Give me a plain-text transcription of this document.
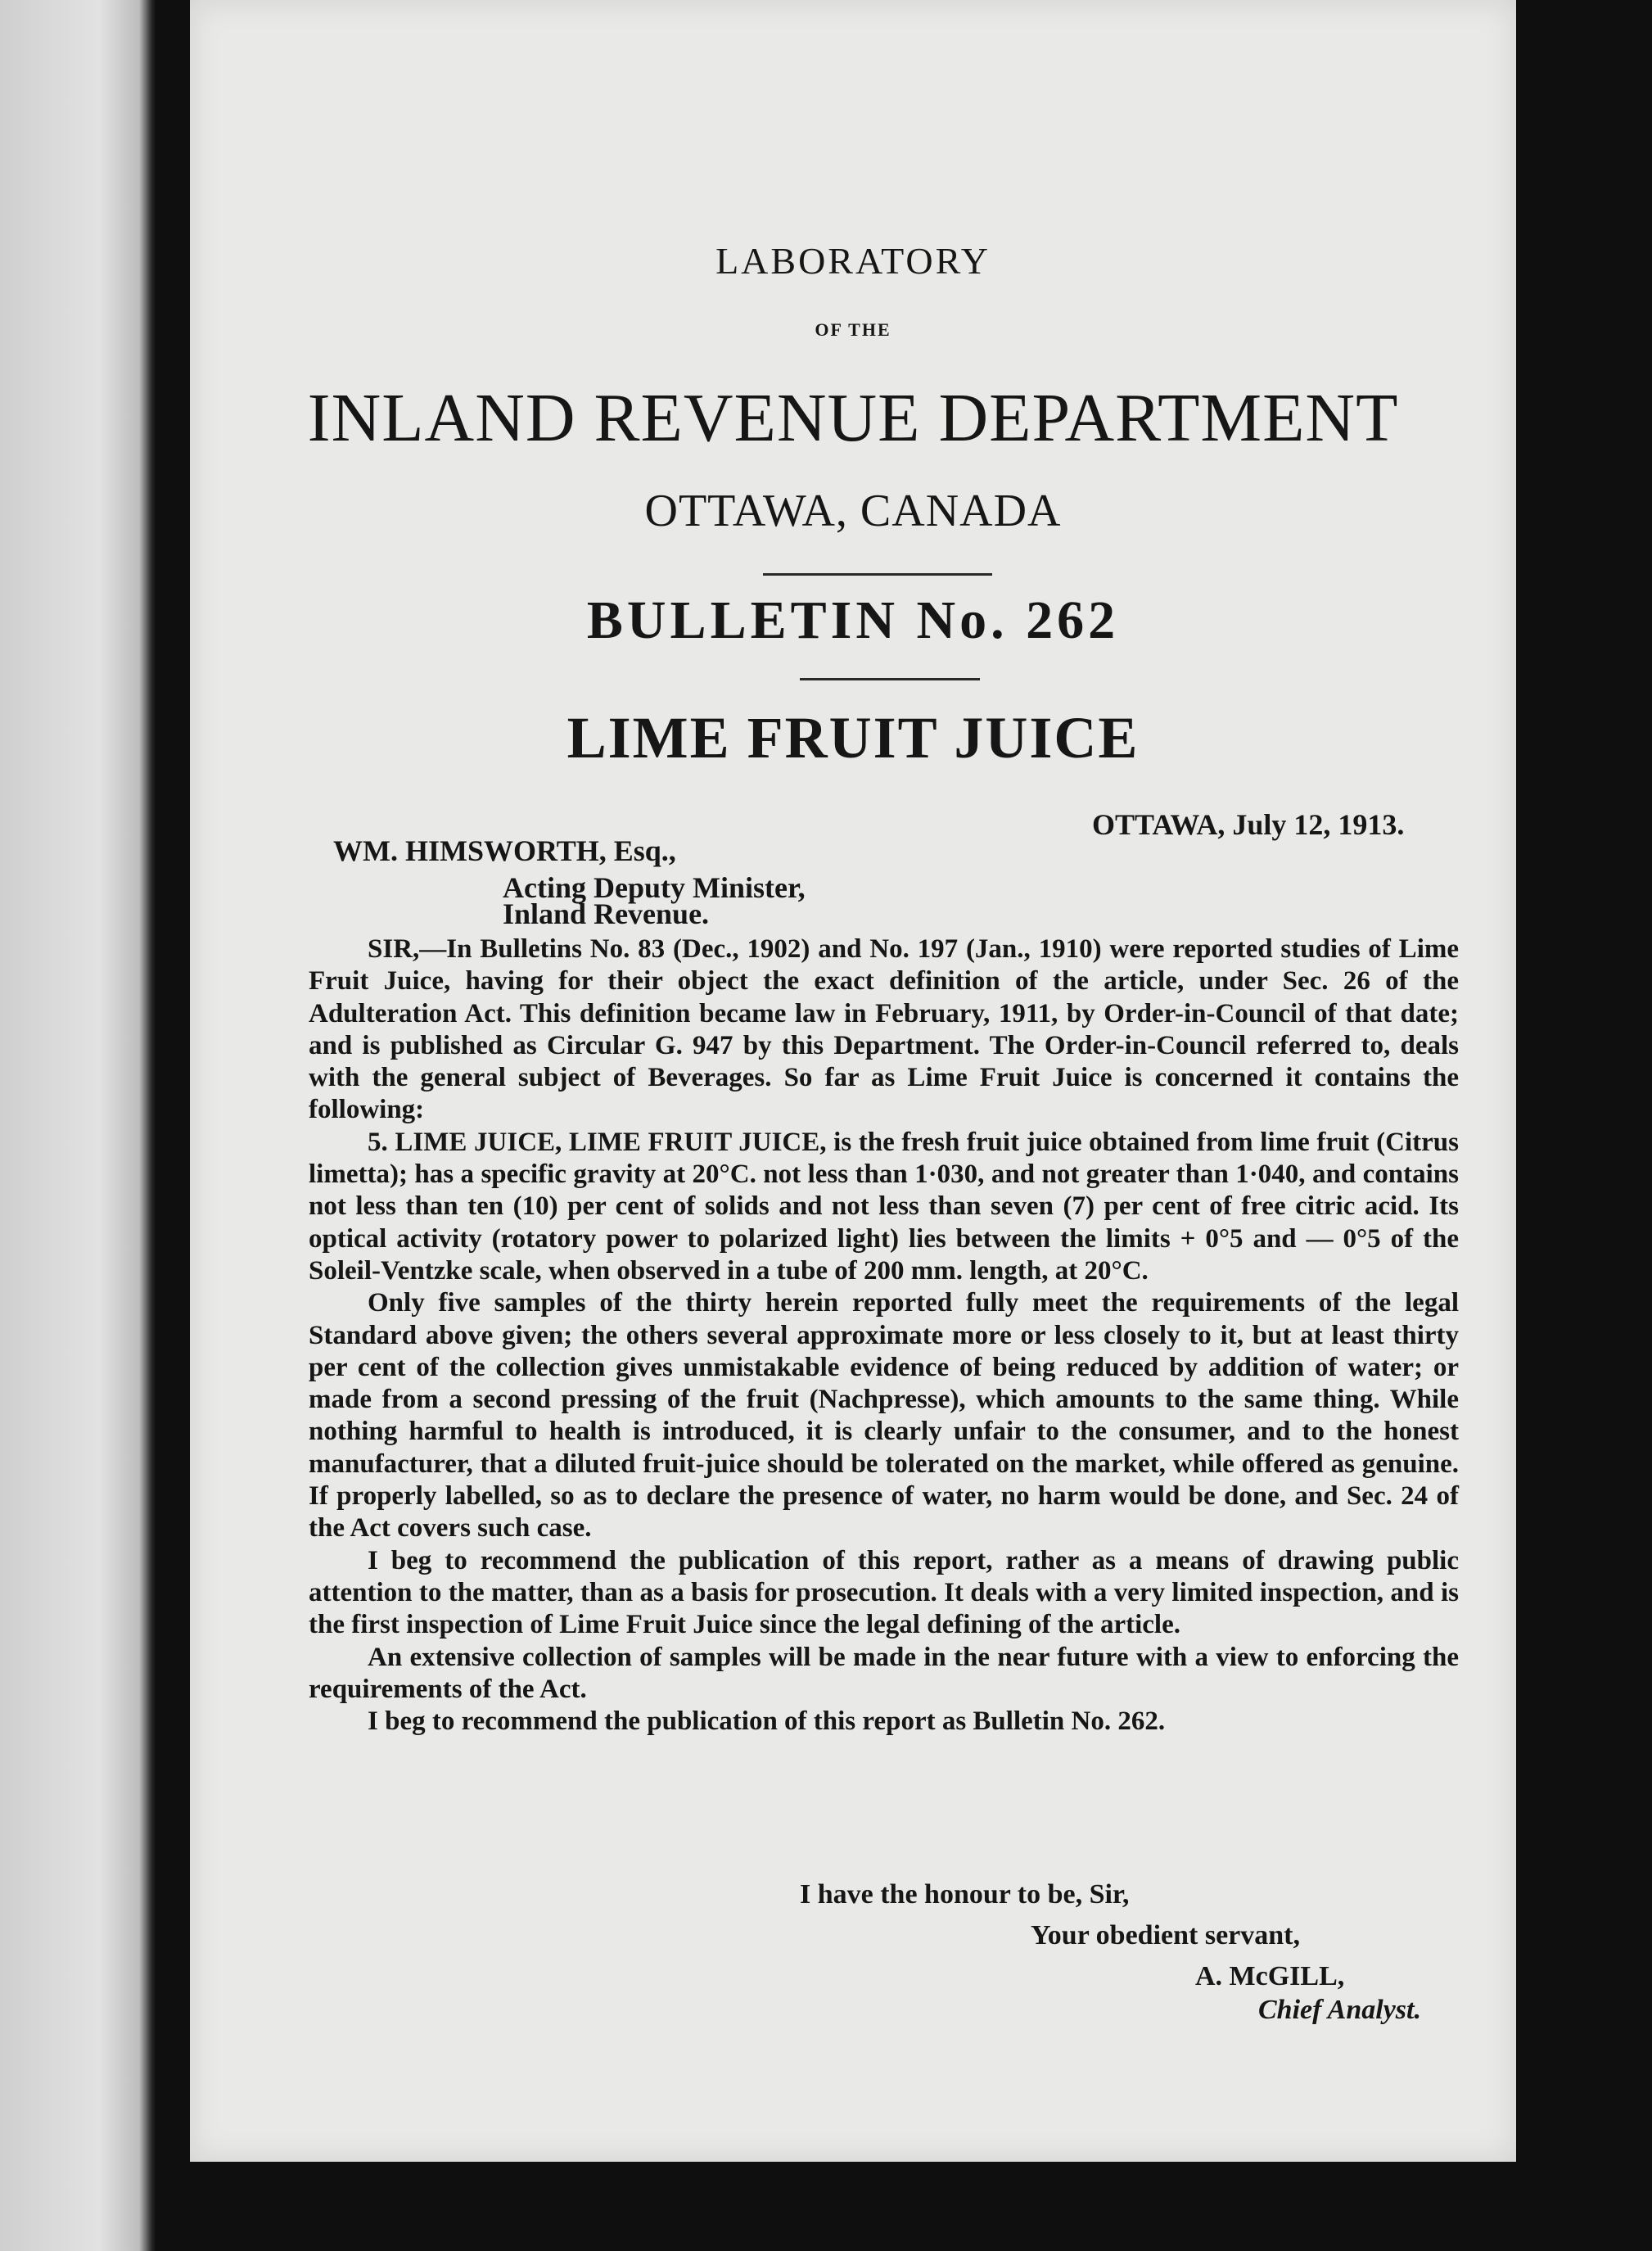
LABORATORY
OF THE
INLAND REVENUE DEPARTMENT
OTTAWA, CANADA
BULLETIN No. 262
LIME FRUIT JUICE
OTTAWA, July 12, 1913.
WM. HIMSWORTH, Esq.,
Acting Deputy Minister,
Inland Revenue.

SIR,—In Bulletins No. 83 (Dec., 1902) and No. 197 (Jan., 1910) were reported studies of Lime Fruit Juice, having for their object the exact definition of the article, under Sec. 26 of the Adulteration Act. This definition became law in February, 1911, by Order-in-Council of that date; and is published as Circular G. 947 by this Department. The Order-in-Council referred to, deals with the general subject of Beverages. So far as Lime Fruit Juice is concerned it contains the following:

5. LIME JUICE, LIME FRUIT JUICE, is the fresh fruit juice obtained from lime fruit (Citrus limetta); has a specific gravity at 20°C. not less than 1·030, and not greater than 1·040, and contains not less than ten (10) per cent of solids and not less than seven (7) per cent of free citric acid. Its optical activity (rotatory power to polarized light) lies between the limits + 0°5 and — 0°5 of the Soleil-Ventzke scale, when observed in a tube of 200 mm. length, at 20°C.

Only five samples of the thirty herein reported fully meet the requirements of the legal Standard above given; the others several approximate more or less closely to it, but at least thirty per cent of the collection gives unmistakable evidence of being reduced by addition of water; or made from a second pressing of the fruit (Nachpresse), which amounts to the same thing. While nothing harmful to health is introduced, it is clearly unfair to the consumer, and to the honest manufacturer, that a diluted fruit-juice should be tolerated on the market, while offered as genuine. If properly labelled, so as to declare the presence of water, no harm would be done, and Sec. 24 of the Act covers such case.

I beg to recommend the publication of this report, rather as a means of drawing public attention to the matter, than as a basis for prosecution. It deals with a very limited inspection, and is the first inspection of Lime Fruit Juice since the legal defining of the article.

An extensive collection of samples will be made in the near future with a view to enforcing the requirements of the Act.

I beg to recommend the publication of this report as Bulletin No. 262.

I have the honour to be, Sir,
Your obedient servant,
A. McGILL,
Chief Analyst.
